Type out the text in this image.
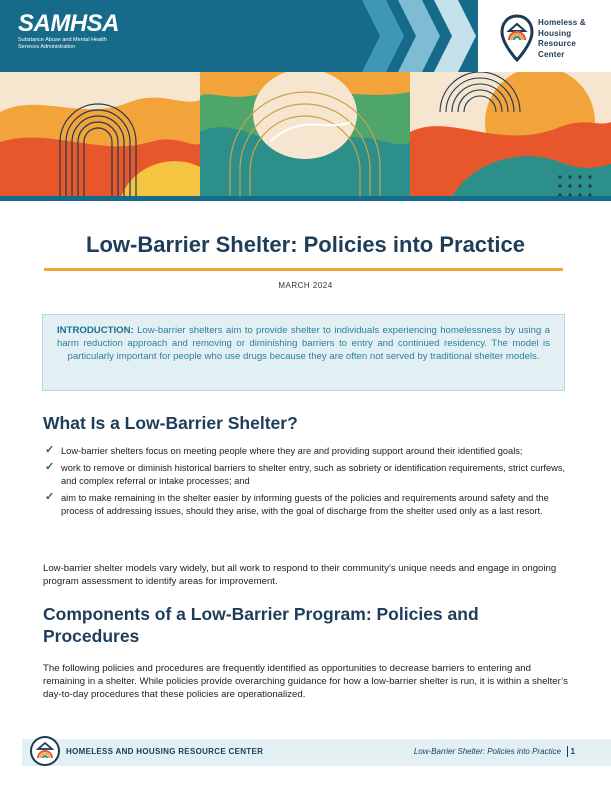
SAMHSA
Substance Abuse and Mental Health Services Administration
Homeless &
Housing
Resource
Center
Low-Barrier Shelter: Policies into Practice
MARCH 2024
INTRODUCTION: Low-barrier shelters aim to provide shelter to individuals experiencing homelessness by using a harm reduction approach and removing or diminishing barriers to entry and continued residency. The model is particularly important for people who use drugs because they are often not served by traditional shelter models.
What Is a Low-Barrier Shelter?
✓ Low-barrier shelters focus on meeting people where they are and providing support around their identified goals;
✓ work to remove or diminish historical barriers to shelter entry, such as sobriety or identification requirements, strict curfews, and complex referral or intake processes; and
✓ aim to make remaining in the shelter easier by informing guests of the policies and requirements around safety and the process of addressing issues, should they arise, with the goal of discharge from the shelter used only as a last resort.

Low-barrier shelter models vary widely, but all work to respond to their community’s unique needs and engage in ongoing program assessment to identify areas for improvement.

Components of a Low-Barrier Program: Policies and Procedures

The following policies and procedures are frequently identified as opportunities to decrease barriers to entering and remaining in a shelter. While policies provide overarching guidance for how a low-barrier shelter is run, it is within a shelter’s day-to-day procedures that these policies are operationalized.

HOMELESS AND HOUSING RESOURCE CENTER	Low-Barrier Shelter: Policies into Practice 1
